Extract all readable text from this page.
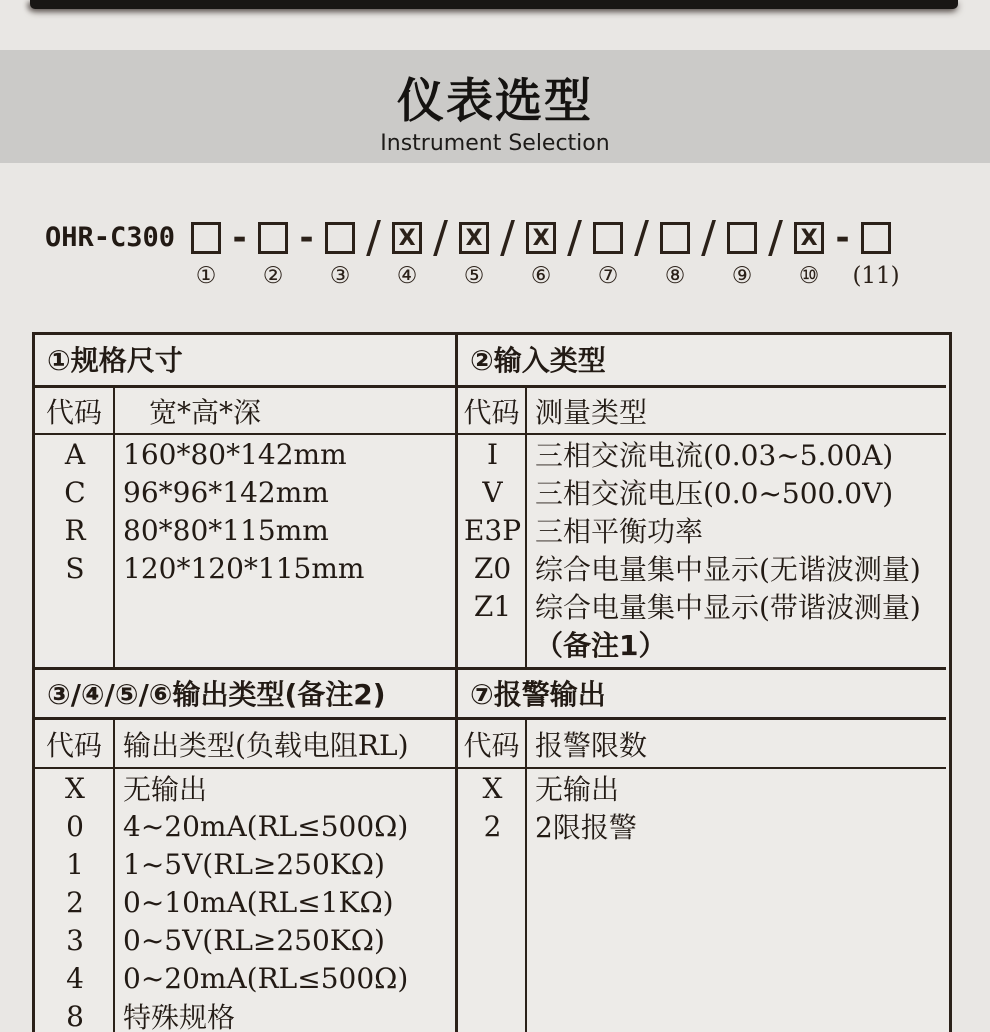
仪表选型
Instrument Selection
OHR-C300	-
①
-
②
/
③
X /
④
X /
⑤
X /
⑥
/
⑦
/
⑧
/
⑨
X -
⑩ (11)
①规格尺寸
代码	宽*高*深
A	160*80*142mm
C	96*96*142mm
R	80*80*115mm
S	120*120*115mm
③/④/⑤/⑥输出类型(备注2)
代码 输出类型(负载电阻RL)
X	无输出
0	4~20mA(RL≤500Ω)
1	1~5V(RL≥250KΩ)
2	0~10mA(RL≤1KΩ)
3	0~5V(RL≥250KΩ)
4	0~20mA(RL≤500Ω)
8	特殊规格
②输入类型
代码 测量类型
I	三相交流电流(0.03~5.00A)
V	三相交流电压(0.0~500.0V)
E3P 三相平衡功率
Z0 综合电量集中显示(无谐波测量)
Z1 综合电量集中显示(带谐波测量)
（备注1）
⑦报警输出
代码 报警限数
X	无输出
2	2限报警
